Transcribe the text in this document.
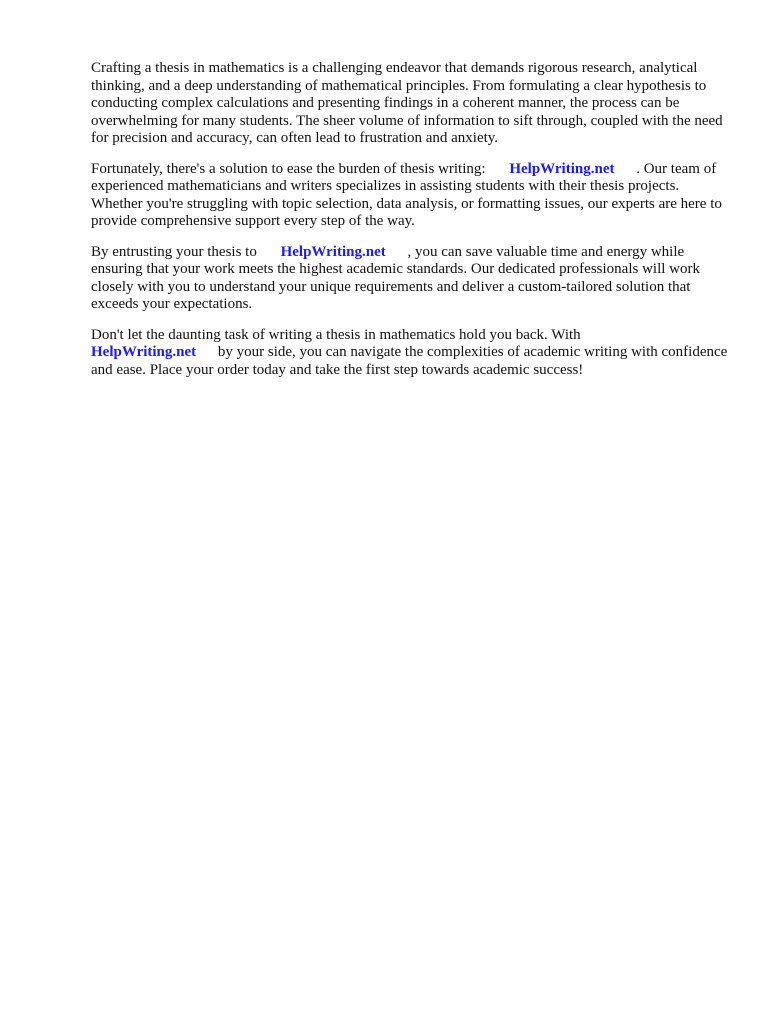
Crafting a thesis in mathematics is a challenging endeavor that demands rigorous research, analytical thinking, and a deep understanding of mathematical principles. From formulating a clear hypothesis to conducting complex calculations and presenting findings in a coherent manner, the process can be overwhelming for many students. The sheer volume of information to sift through, coupled with the need for precision and accuracy, can often lead to frustration and anxiety.

Fortunately, there's a solution to ease the burden of thesis writing: HelpWriting.net . Our team of experienced mathematicians and writers specializes in assisting students with their thesis projects. Whether you're struggling with topic selection, data analysis, or formatting issues, our experts are here to provide comprehensive support every step of the way.

By entrusting your thesis to HelpWriting.net , you can save valuable time and energy while ensuring that your work meets the highest academic standards. Our dedicated professionals will work closely with you to understand your unique requirements and deliver a custom-tailored solution that exceeds your expectations.

Don't let the daunting task of writing a thesis in mathematics hold you back. With
HelpWriting.net by your side, you can navigate the complexities of academic writing with confidence and ease. Place your order today and take the first step towards academic success!
